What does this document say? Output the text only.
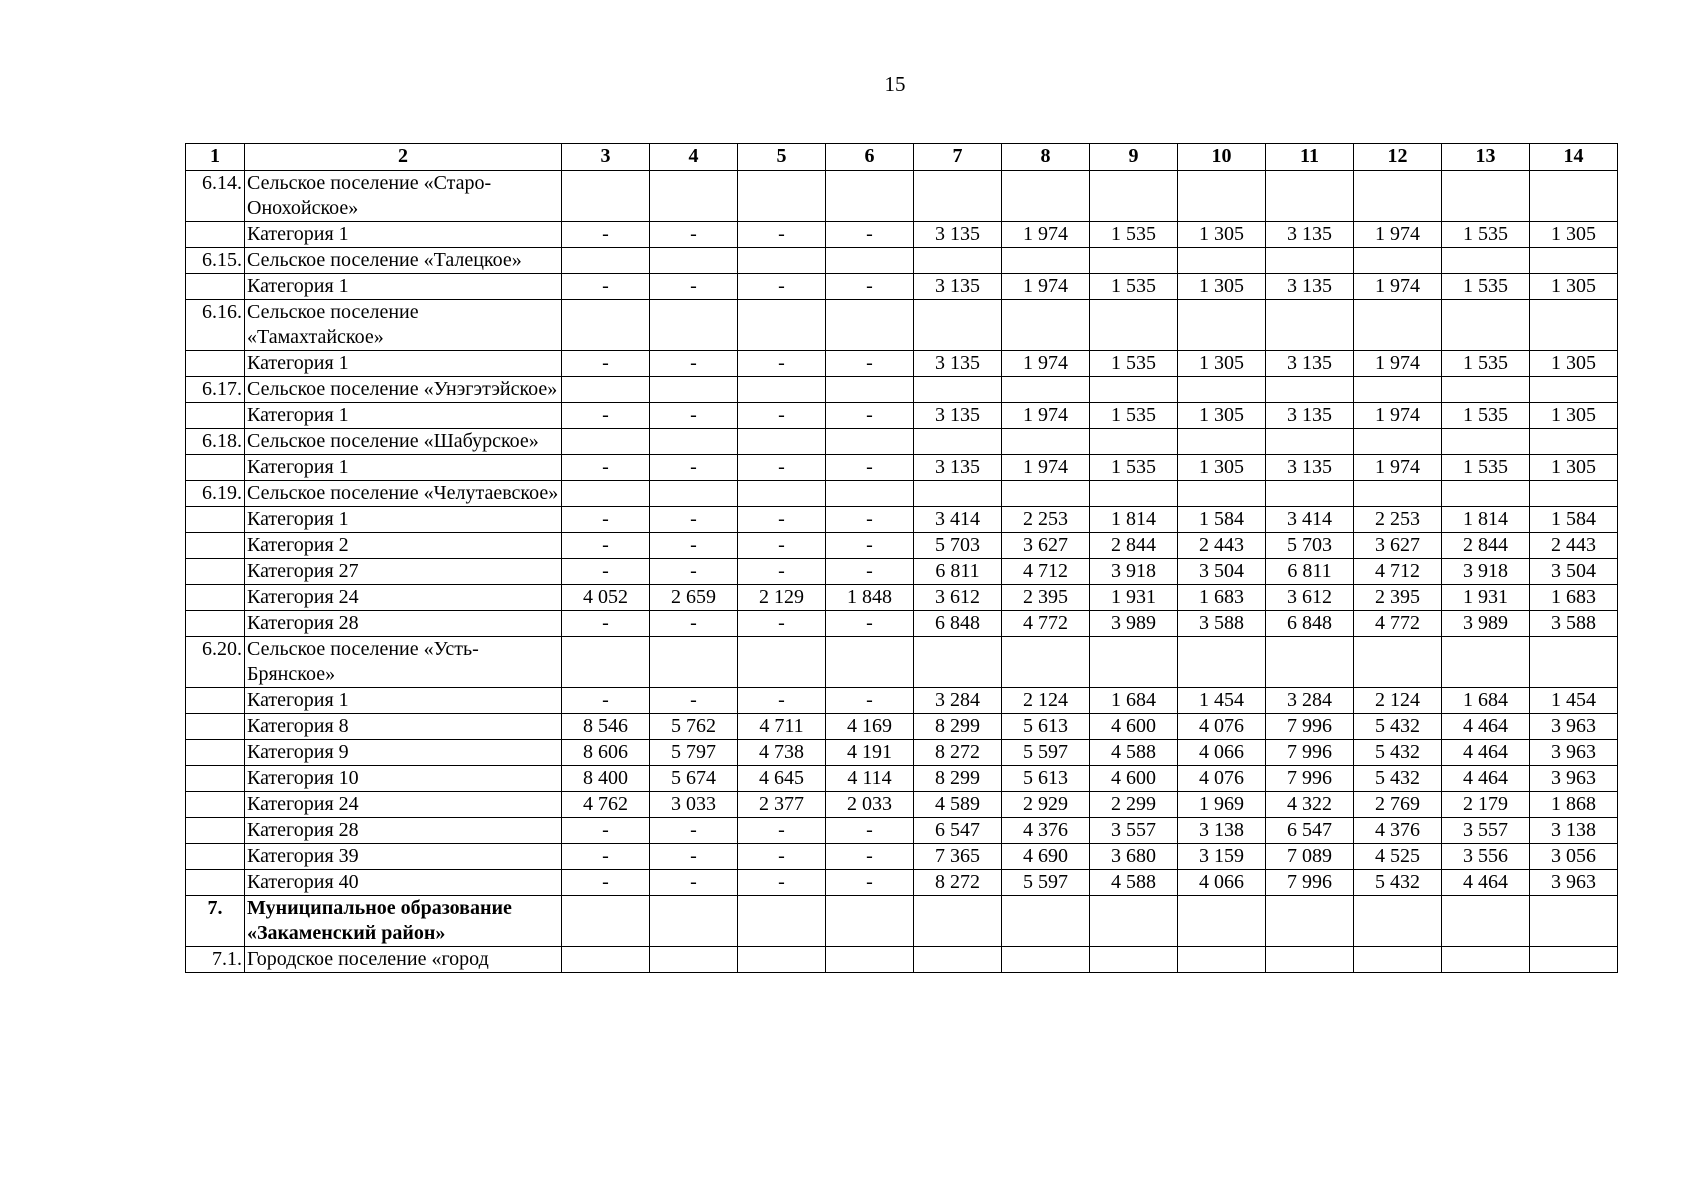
15
1	2	3	4	5	6	7	8	9	10	11	12	13	14
6.14.	Сельское поселение «Старо-Онохойское»												
	Категория 1	-	-	-	-	3 135	1 974	1 535	1 305	3 135	1 974	1 535	1 305
6.15.	Сельское поселение «Талецкое»												
	Категория 1	-	-	-	-	3 135	1 974	1 535	1 305	3 135	1 974	1 535	1 305
6.16.	Сельское поселение «Тамахтайское»												
	Категория 1	-	-	-	-	3 135	1 974	1 535	1 305	3 135	1 974	1 535	1 305
6.17.	Сельское поселение «Унэгэтэйское»												
	Категория 1	-	-	-	-	3 135	1 974	1 535	1 305	3 135	1 974	1 535	1 305
6.18.	Сельское поселение «Шабурское»												
	Категория 1	-	-	-	-	3 135	1 974	1 535	1 305	3 135	1 974	1 535	1 305
6.19.	Сельское поселение «Челутаевское»												
	Категория 1	-	-	-	-	3 414	2 253	1 814	1 584	3 414	2 253	1 814	1 584
	Категория 2	-	-	-	-	5 703	3 627	2 844	2 443	5 703	3 627	2 844	2 443
	Категория 27	-	-	-	-	6 811	4 712	3 918	3 504	6 811	4 712	3 918	3 504
	Категория 24	4 052	2 659	2 129	1 848	3 612	2 395	1 931	1 683	3 612	2 395	1 931	1 683
	Категория 28	-	-	-	-	6 848	4 772	3 989	3 588	6 848	4 772	3 989	3 588
6.20.	Сельское поселение «Усть-Брянское»												
	Категория 1	-	-	-	-	3 284	2 124	1 684	1 454	3 284	2 124	1 684	1 454
	Категория 8	8 546	5 762	4 711	4 169	8 299	5 613	4 600	4 076	7 996	5 432	4 464	3 963
	Категория 9	8 606	5 797	4 738	4 191	8 272	5 597	4 588	4 066	7 996	5 432	4 464	3 963
	Категория 10	8 400	5 674	4 645	4 114	8 299	5 613	4 600	4 076	7 996	5 432	4 464	3 963
	Категория 24	4 762	3 033	2 377	2 033	4 589	2 929	2 299	1 969	4 322	2 769	2 179	1 868
	Категория 28	-	-	-	-	6 547	4 376	3 557	3 138	6 547	4 376	3 557	3 138
	Категория 39	-	-	-	-	7 365	4 690	3 680	3 159	7 089	4 525	3 556	3 056
	Категория 40	-	-	-	-	8 272	5 597	4 588	4 066	7 996	5 432	4 464	3 963
7.	Муниципальное образование «Закаменский район»												
7.1.	Городское поселение «город												
